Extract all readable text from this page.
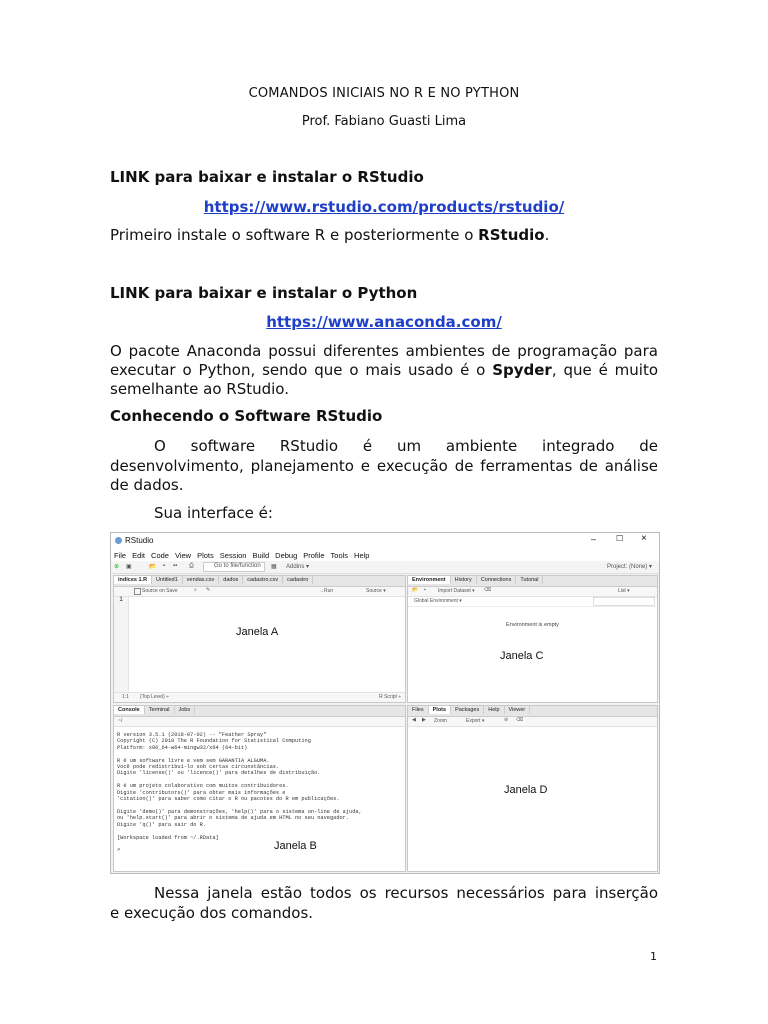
COMANDOS INICIAIS NO R E NO PYTHON
Prof. Fabiano Guasti Lima
LINK para baixar e instalar o RStudio
https://www.rstudio.com/products/rstudio/
Primeiro instale o software R e posteriormente o RStudio.
LINK para baixar e instalar o Python
https://www.anaconda.com/
O pacote Anaconda possui diferentes ambientes de programação para executar o Python, sendo que o mais usado é o Spyder, que é muito semelhante ao RStudio.
Conhecendo o Software RStudio
O software RStudio é um ambiente integrado de
desenvolvimento, planejamento e execução de ferramentas de análise de dados.
Sua interface é:
RStudio	– ☐ ×
File Edit Code View Plots Session Build Debug Profile Tools Help
⊕ ▣	📂 ▪ ▪▪ ⎙	Go to file/function	▦ Addins ▾	Project: (None) ▾
indices 1.R Untitled1 vendas.csv dados cadastro.csv cadastro
Source on Save	⌕ ✎	→Run	Source ▾
1
Janela A
1:1 (Top Level) ÷	R Script ÷
Environment History Connections Tutorial
📂 ▪ Import Dataset ▾ ⌫	List ▾
Global Environment ▾
Environment is empty
Janela C
Console Terminal Jobs
~/
R version 3.5.1 (2018-07-02) -- "Feather Spray"
Copyright (C) 2018 The R Foundation for Statistical Computing
Platform: x86_64-w64-mingw32/x64 (64-bit)

R é um software livre e vem sem GARANTIA ALGUMA.
Você pode redistribuí-lo sob certas circunstâncias.
Digite 'license()' ou 'licence()' para detalhes de distribuição.

R é um projeto colaborativo com muitos contribuidores.
Digite 'contributors()' para obter mais informações e
'citation()' para saber como citar o R ou pacotes do R em publicações.

Digite 'demo()' para demonstrações, 'help()' para o sistema on-line de ajuda,
ou 'help.start()' para abrir o sistema de ajuda em HTML no seu navegador.
Digite 'q()' para sair do R.

[Workspace loaded from ~/.RData]

>	Janela B
Files Plots Packages Help Viewer
◀ ▶ Zoom	Export ▾	⊘ ⌫
Janela D
Nessa janela estão todos os recursos necessários para inserção
e execução dos comandos.
1
